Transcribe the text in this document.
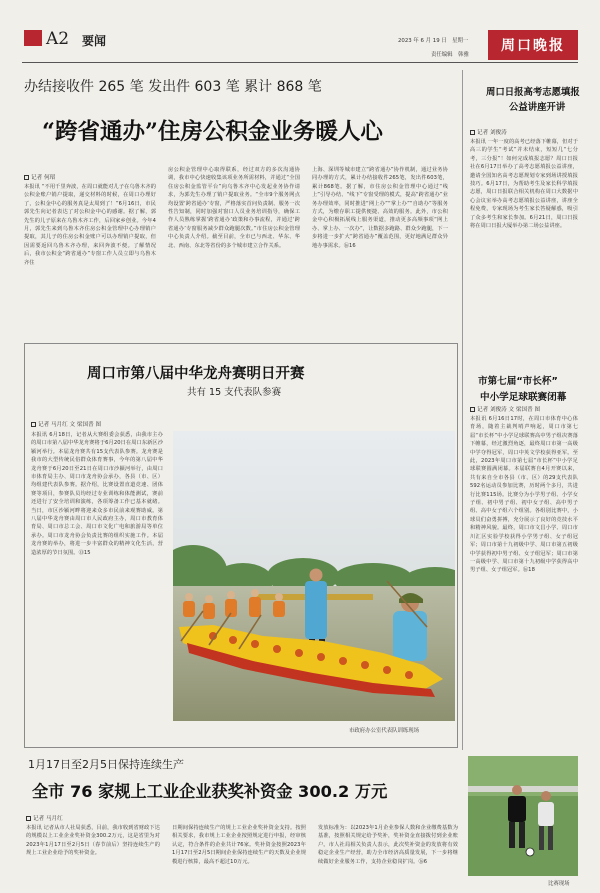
A2 要闻	2023 年 6 月 19 日　星期一
责任编辑　韩雅
周口晚报
办结接收件 265 笔 发出件 603 笔 累计 868 笔
“跨省通办”住房公积金业务暖人心
记者 何瑁
本报讯 “不用千里奔波，在周口就能对儿子在乌鲁木齐的公积金账户销户提取，递交材料的时候，在周口办理好了，公积金中心的服务真是太周到了！”6月16日，市民郭先生向记者表达了对公积金中心的感谢。据了解，郭先生的儿子原来在乌鲁木齐工作，后回家乡创业。今年4月，郭先生来到乌鲁木齐住房公积金管理中心办理销户提取，其儿子的住房公积金账户可以办理销户提取，但因需要返回乌鲁木齐办理，来回奔波不便。了解情况后，我市公积金“跨省通办”专窗工作人员立即与乌鲁木齐住
房公积金管理中心取得联系，经过双方的多次沟通协调，我市中心快速收集该项业务所需材料，并通过“全国住房公积金监管平台”向乌鲁木齐中心发起业务协作请求，为郭先生办理了销户提取业务。“全市9个服务网点均设置‘跨省通办’专窗，严格落实首问负责制、服务一次性告知制，同时加强对窗口人员业务培训指导，确保工作人员熟练掌握‘跨省通办’政策和办事流程，并通过‘跨省通办’专窗服务减少群众跑腿次数。”市住房公积金管理中心负责人介绍。截至目前，全市已与西北、华东、华北、西南、东北等省份的多个城市建立合作关系。
上海、深圳等城市建立“跨省通办”协作机制，通过业务协同办理的方式，累计办结接收件265笔，发出件603笔，累计868笔。据了解，市住房公积金管理中心通过“线上”引导办结、“线下”专窗受理的模式，提高“跨省通办”业务办理效率，同时推进“网上办”“掌上办”“自助办”等服务方式，为缴存职工提供便捷、高效的服务。此外，市公积金中心积极拓展线上服务渠道，推动更多高频事项“网上办、掌上办、一次办”，让数据多跑路、群众少跑腿，下一步将进一步扩大“跨省通办”覆盖范围，更好地满足群众异地办事需求。⑯16
周口日报高考志愿填报
公益讲座开讲
记者 刘俊涛
本报讯 一年一度的高考已经落下帷幕，但对于高三的学生“考试”并未结束，短短几“七分考，三分报”！如何完成填报志愿？周口日报社在6月17日举办了高考志愿填报公益讲座，邀请全国知名高考志愿规划专家到场讲授填报技巧。6月17日，为帮助考生及家长科学填报志愿，周口日报联合相关机构在周口大数据中心会议室举办高考志愿填报公益讲座，讲座全程免费，专家现场为考生家长答疑解惑，吸引了众多考生和家长参加。6月21日，周口日报将在周口日报大厦举办第二场公益讲座。
周口市第八届中华龙舟赛明日开赛
共有 15 支代表队参赛
记者 马月红 文 梁国普 图
本报讯 6月18日，记者从大赛组委会获悉，由我市主办的周口市第八届中华龙舟赛将于6月20日在周口东新区沙颍河举行。本届龙舟赛共有15支代表队参赛。龙舟赛是我市的大型传统民俗群众体育赛事，今年的第八届中华龙舟赛于6月20日至21日在周口市沙颍河举行，由周口市体育局主办、周口市龙舟协会承办，各县（市、区）均组建代表队参赛。据介绍，比赛设置直道竞速、团体赛等项目，参赛队员均经过专业训练和体能测试，赛前还进行了安全培训和演练，各项筹备工作已基本就绪。当日，市区沙颍河畔将迎来众多市民前来观赛助威。第八届中华龙舟赛由周口市人民政府主办，周口市教育体育局、周口市总工会、周口市文化广电和旅游局等单位承办。周口市龙舟协会负责比赛的组织实施工作。本届龙舟赛的举办，将进一步丰富群众的精神文化生活，营造浓厚的节日氛围。⑬15
市政府办公室代表队训练现场
市第七届“市长杯”
中小学足球联赛闭幕
记者 刘俊涛 文 梁国普 图
本报讯 6月16日17时，在周口市体育中心体育场，随着主裁判哨声响起，周口市第七届“市长杯”中小学足球联赛高中男子组决赛落下帷幕，经过激烈角逐，最终周口市第一高级中学夺得冠军，周口中英文学校获得亚军。至此，2023年周口市第七届“市长杯”中小学足球联赛圆满闭幕。本届联赛自4月开赛以来，共有来自全市各县（市、区）的29支代表队592名运动员参加比赛，历时两个多月，共进行比赛115场。比赛分为小学男子组、小学女子组、初中男子组、初中女子组、高中男子组、高中女子组六个组别。各组别比赛中，小球员们奋勇拼搏，充分展示了良好的竞技水平和精神风貌。最终，周口市文昌小学、周口市川汇区实验学校获得小学男子组、女子组冠军；周口市第十九初级中学、周口市第五初级中学获得初中男子组、女子组冠军；周口市第一高级中学、周口市第十九初级中学获得高中男子组、女子组冠军。⑯18
1月17日至2月5日保持连续生产
全市 76 家规上工业企业获奖补资金 300.2 万元
记者 马月红
本报讯 记者从市人社局获悉，目前，我市收到省财政下达的规模以上工业企业奖补资金300.2万元，这是省里为对2023年1月17日至2月5日（春节前后）坚持连续生产的规上工业企业给予的奖补资金。
日期间保持连续生产的规上工业企业奖补资金支持。按照相关要求，我市规上工业企业按照规定进行申报，经审核认定，符合条件的企业共计76家。奖补资金按照2023年1月17日至2月5日期间企业保持连续生产的天数及企业规模进行核算，最高不超过10万元。
发放标准为：以2023年1月企业参保人数和企业缴费基数为基准，按照相关规定给予奖补，奖补资金直接拨付到企业账户。市人社局相关负责人表示，此次奖补资金的发放将有效稳定企业生产经营，助力全市经济高质量发展，下一步将继续做好企业服务工作，支持企业稳岗扩岗。⑯6
比赛现场
